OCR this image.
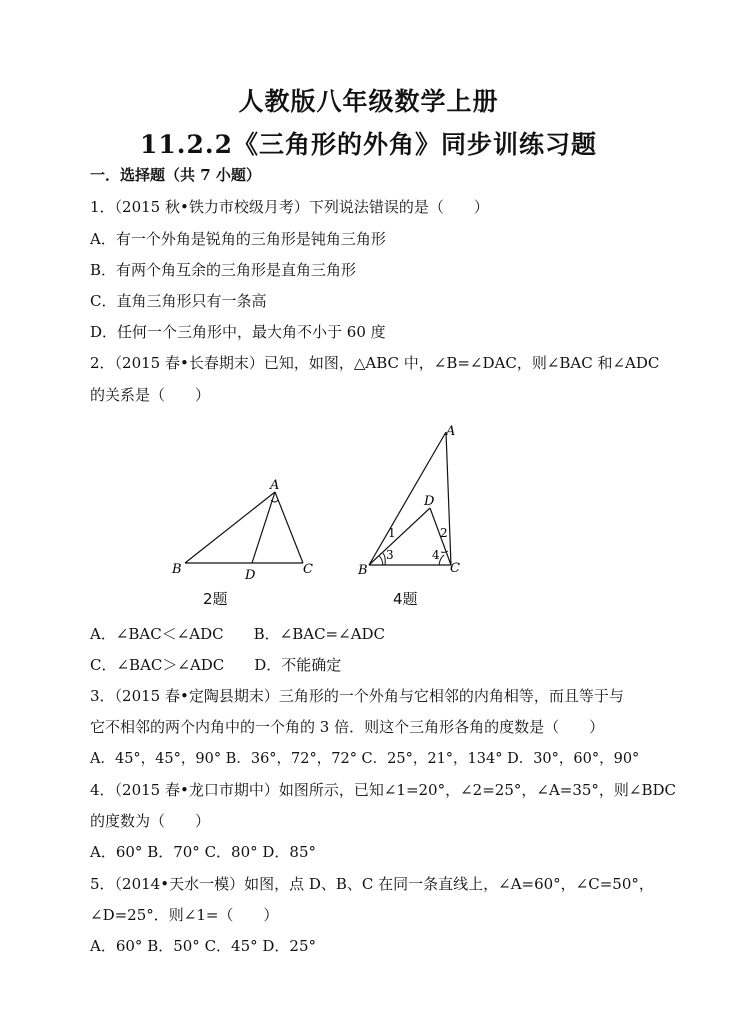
人教版八年级数学上册
11.2.2《三角形的外角》同步训练习题
一．选择题（共 7 小题）
1．（2015 秋•铁力市校级月考）下列说法错误的是（　　）
A．有一个外角是锐角的三角形是钝角三角形
B．有两个角互余的三角形是直角三角形
C．直角三角形只有一条高
D．任何一个三角形中，最大角不小于 60 度
2．（2015 春•长春期末）已知，如图，△ABC 中，∠B=∠DAC，则∠BAC 和∠ADC
的关系是（　　）
A
B	D	C
2题
A
D
B	C
1	2
3	4
4题
A．∠BAC＜∠ADC　　B．∠BAC=∠ADC
C．∠BAC＞∠ADC　　D．不能确定
3．（2015 春•定陶县期末）三角形的一个外角与它相邻的内角相等，而且等于与
它不相邻的两个内角中的一个角的 3 倍．则这个三角形各角的度数是（　　）
A．45°，45°，90° B．36°，72°，72° C．25°，21°，134° D．30°，60°，90°
4．（2015 春•龙口市期中）如图所示，已知∠1=20°，∠2=25°，∠A=35°，则∠BDC
的度数为（　　）
A．60° B．70° C．80° D．85°
5．（2014•天水一模）如图，点 D、B、C 在同一条直线上，∠A=60°，∠C=50°，
∠D=25°．则∠1=（　　）
A．60° B．50° C．45° D．25°
